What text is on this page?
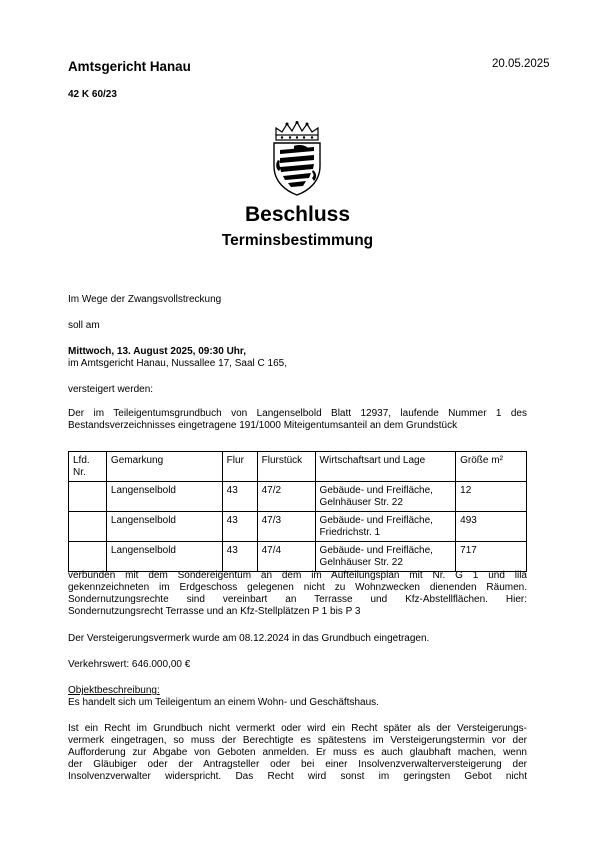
Amtsgericht Hanau	20.05.2025
42 K 60/23
Beschluss
Terminsbestimmung
Im Wege der Zwangsvollstreckung
soll am
Mittwoch, 13. August 2025, 09:30 Uhr,
im Amtsgericht Hanau, Nussallee 17, Saal C 165,
versteigert werden:
Der im Teileigentumsgrundbuch von Langenselbold Blatt 12937, laufende Nummer 1 des
Bestandsverzeichnisses eingetragene 191/1000 Miteigentumsanteil an dem Grundstück
Lfd. Nr.	Gemarkung	Flur	Flurstück	Wirtschaftsart und Lage	Größe m²
	Langenselbold	43	47/2	Gebäude- und Freifläche, Gelnhäuser Str. 22	12
	Langenselbold	43	47/3	Gebäude- und Freifläche, Friedrichstr. 1	493
	Langenselbold	43	47/4	Gebäude- und Freifläche, Gelnhäuser Str. 22	717
verbunden mit dem Sondereigentum an dem im Aufteilungsplan mit Nr. G 1 und lila
gekennzeichneten im Erdgeschoss gelegenen nicht zu Wohnzwecken dienenden Räumen.
Sondernutzungsrechte sind vereinbart an Terrasse und Kfz-Abstellflächen. Hier:
Sondernutzungsrecht Terrasse und an Kfz-Stellplätzen P 1 bis P 3
Der Versteigerungsvermerk wurde am 08.12.2024 in das Grundbuch eingetragen.
Verkehrswert: 646.000,00 €
Objektbeschreibung:
Es handelt sich um Teileigentum an einem Wohn- und Geschäftshaus.
Ist ein Recht im Grundbuch nicht vermerkt oder wird ein Recht später als der Versteigerungs-
vermerk eingetragen, so muss der Berechtigte es spätestens im Versteigerungstermin vor der
Aufforderung zur Abgabe von Geboten anmelden. Er muss es auch glaubhaft machen, wenn
der Gläubiger oder der Antragsteller oder bei einer Insolvenzverwalterversteigerung der
Insolvenzverwalter widerspricht. Das Recht wird sonst im geringsten Gebot nicht
